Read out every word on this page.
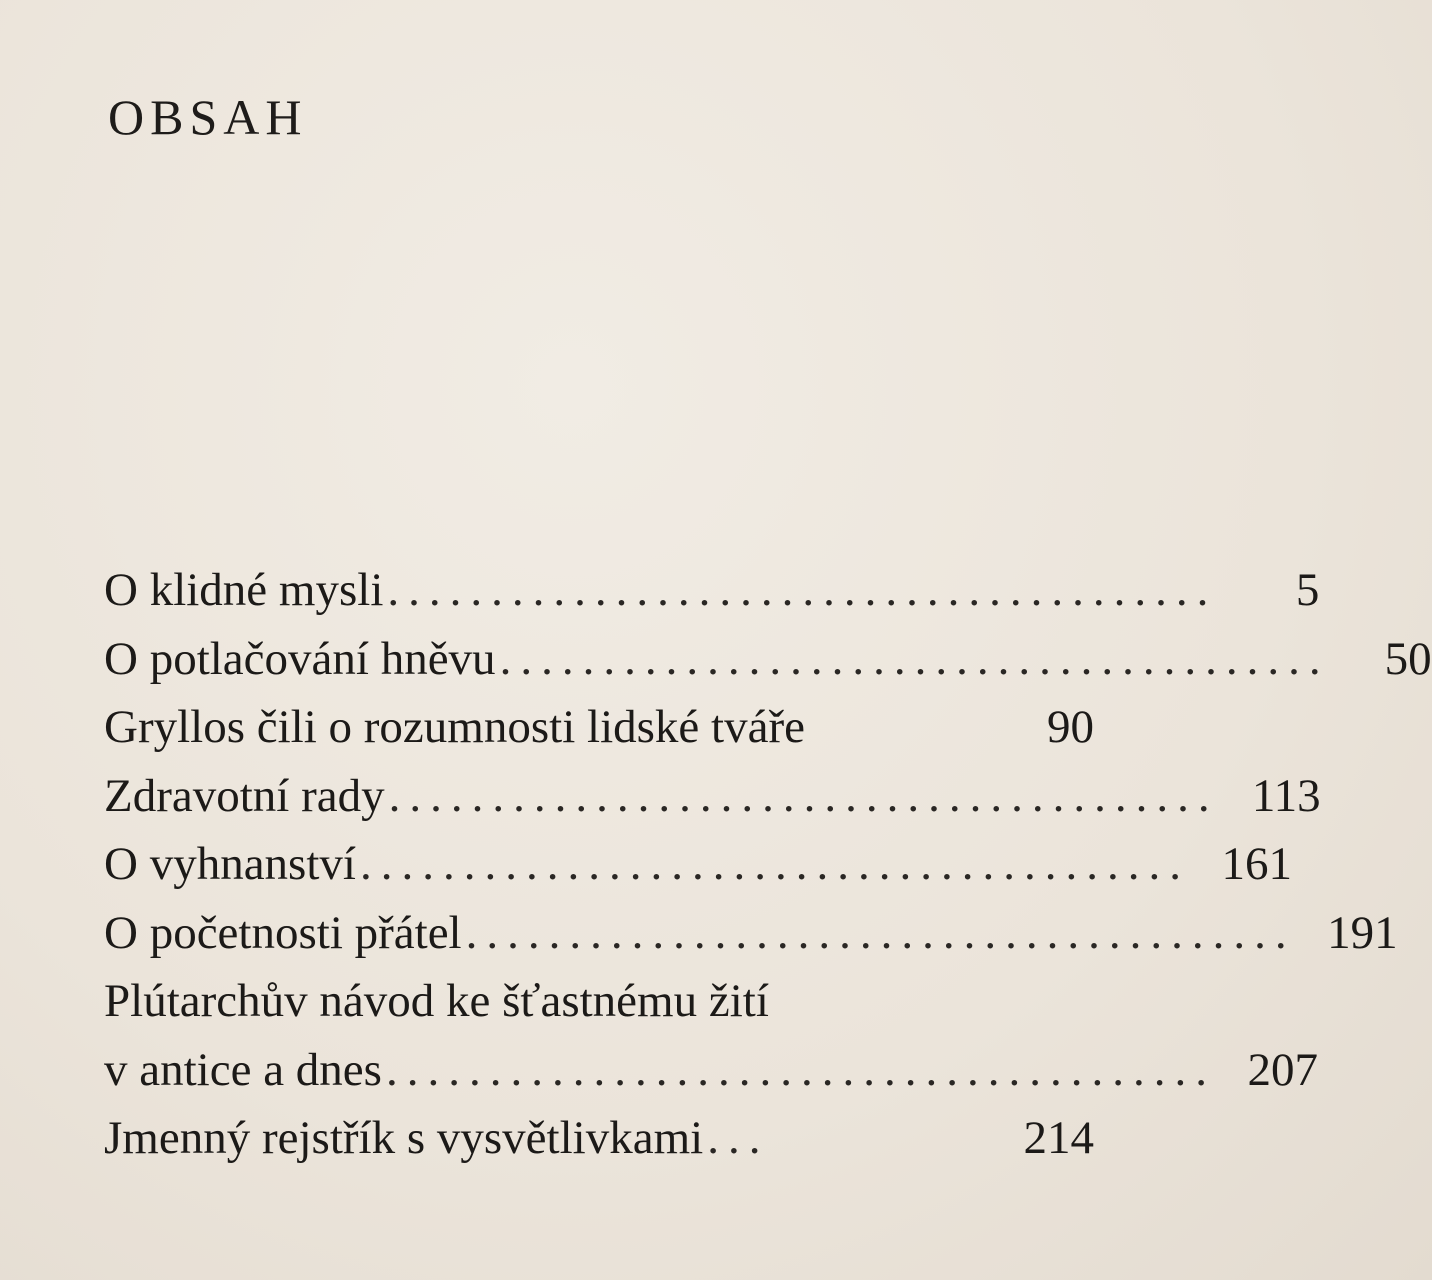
OBSAH
O klidné mysli ........................................	5
O potlačování hněvu ........................................	50
Gryllos čili o rozumnosti lidské tváře	90
Zdravotní rady ........................................ 113
O vyhnanství ........................................ 161
O početnosti přátel ........................................ 191
Plútarchův návod ke šťastnému žití
v antice a dnes ........................................ 207
Jmenný rejstřík s vysvětlivkami ...	214
